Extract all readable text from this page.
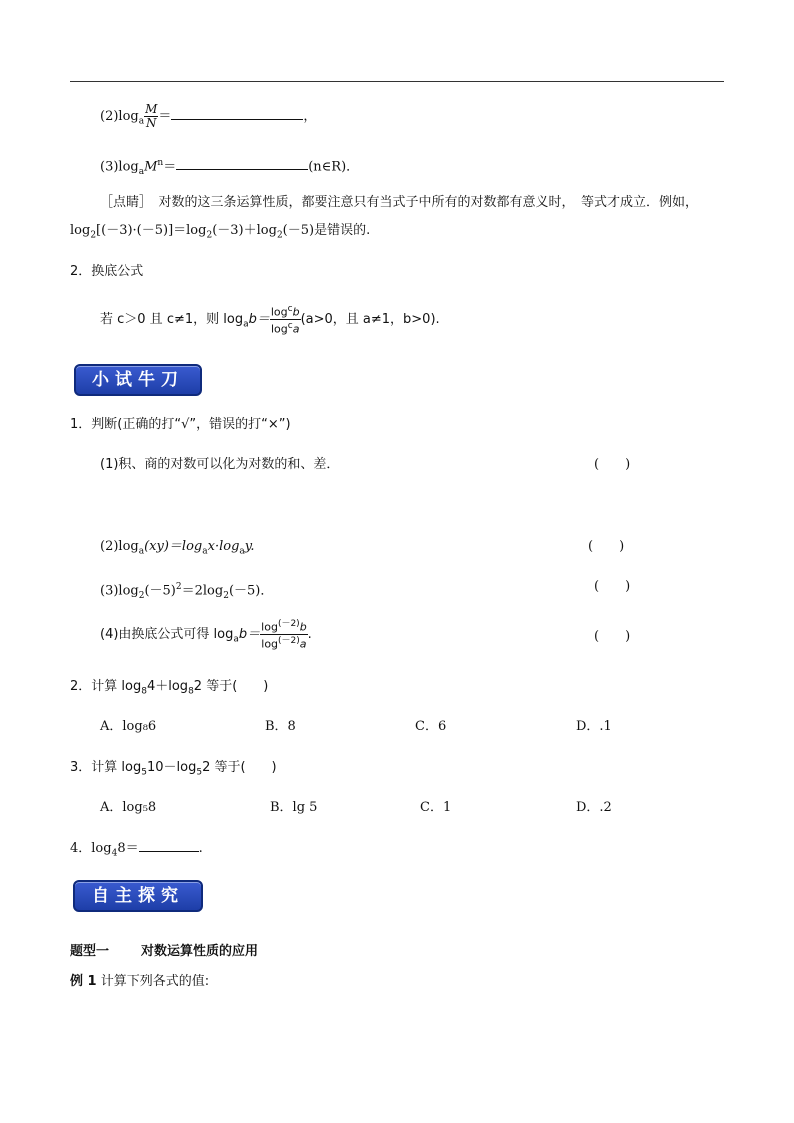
$(2)\log_a \frac{M}{N}$ ＝	，
$(3)\log_aM^n=$	(n∈R)．
［点睛］　对数的这三条运算性质，都要注意只有当式子中所有的对数都有意义时，　等式才成立．例如，
$\log_2[(-3)\cdot(-5)]=\log_2(-3)+\log_2(-5)$是错误的.
2．换底公式
若 c＞0 且 c≠1，则 $\log_ab= \frac{\log^cb}{\log^ca} (a>0$，且 a≠1，b>0).
小试牛刀
1．判断(正确的打“√”，错误的打“×”)
(1)积、商的对数可以化为对数的和、差．	(　　)
$(2)\log_a(xy)=\log_ax\cdot\log_ay$.	(　　)
$(3)\log_2(-5)^2=2\log_2(-5)$．	(　　)
(4)由换底公式可得 $\log_ab= \frac{\log^{(-2)}b}{\log^{(-2)}a}$ .	(　　)
2．计算 $\log_84+\log_82$ 等于(　　)
A．log₈6	B．8	C．6	D．.1
3．计算 $\log_510-\log_52$ 等于(　　)
A．log₅8	B．lg 5	C．1	D．.2
4．$\log_48=$	.
自主探究
题型一 对数运算性质的应用
例 1 计算下列各式的值:
